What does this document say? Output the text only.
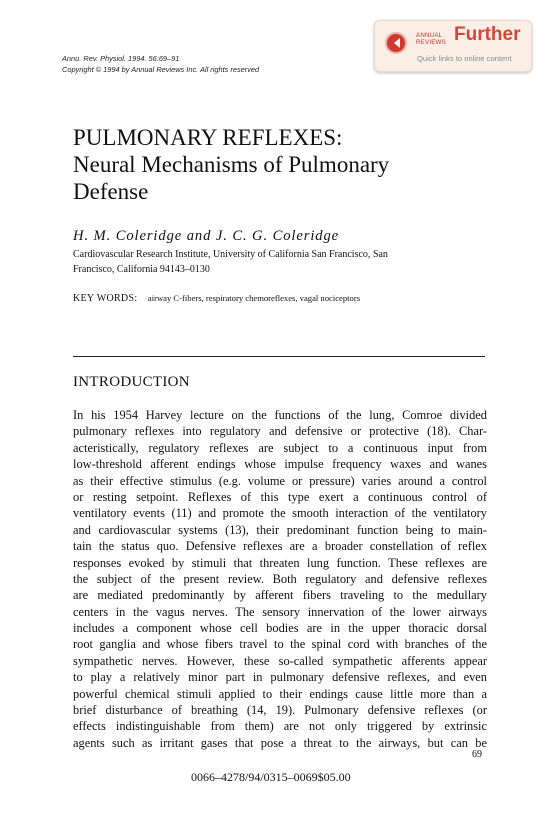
Annu. Rev. Physiol. 1994. 56:69–91
Copyright © 1994 by Annual Reviews Inc. All rights reserved
ANNUAL
REVIEWS Further
Quick links to online content
PULMONARY REFLEXES:
Neural Mechanisms of Pulmonary
Defense
H. M. Coleridge and J. C. G. Coleridge
Cardiovascular Research Institute, University of California San Francisco, San
Francisco, California 94143–0130
KEY WORDS: airway C-fibers, respiratory chemoreflexes, vagal nociceptors
INTRODUCTION
In his 1954 Harvey lecture on the functions of the lung, Comroe divided
pulmonary reflexes into regulatory and defensive or protective (18). Char-
acteristically, regulatory reflexes are subject to a continuous input from
low-threshold afferent endings whose impulse frequency waxes and wanes
as their effective stimulus (e.g. volume or pressure) varies around a control
or resting setpoint. Reflexes of this type exert a continuous control of
ventilatory events (11) and promote the smooth interaction of the ventilatory
and cardiovascular systems (13), their predominant function being to main-
tain the status quo. Defensive reflexes are a broader constellation of reflex
responses evoked by stimuli that threaten lung function. These reflexes are
the subject of the present review. Both regulatory and defensive reflexes
are mediated predominantly by afferent fibers traveling to the medullary
centers in the vagus nerves. The sensory innervation of the lower airways
includes a component whose cell bodies are in the upper thoracic dorsal
root ganglia and whose fibers travel to the spinal cord with branches of the
sympathetic nerves. However, these so-called sympathetic afferents appear
to play a relatively minor part in pulmonary defensive reflexes, and even
powerful chemical stimuli applied to their endings cause little more than a
brief disturbance of breathing (14, 19). Pulmonary defensive reflexes (or
effects indistinguishable from them) are not only triggered by extrinsic
agents such as irritant gases that pose a threat to the airways, but can be
69
0066–4278/94/0315–0069$05.00
